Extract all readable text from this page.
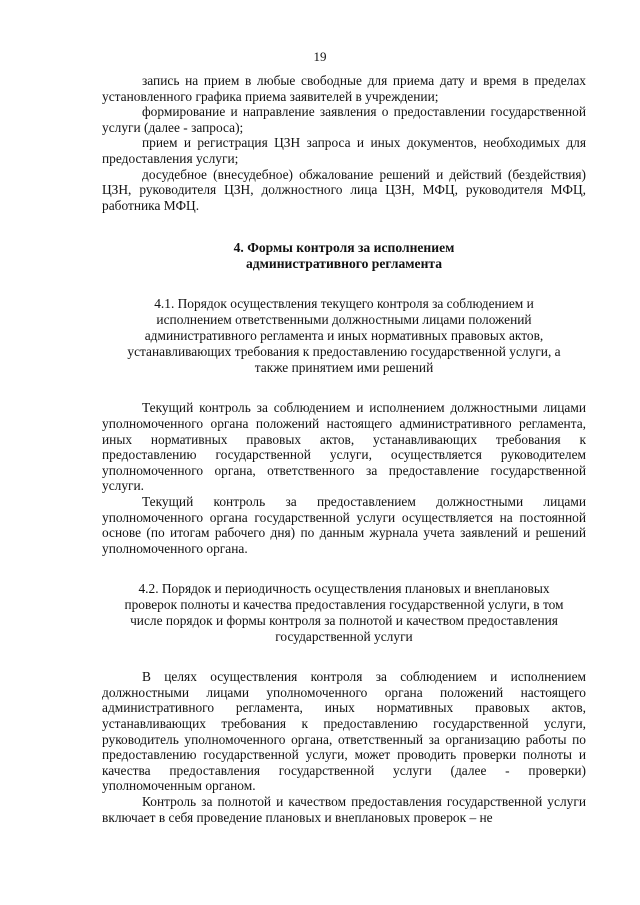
19

запись на прием в любые свободные для приема дату и время в пределах установленного графика приема заявителей в учреждении;

формирование и направление заявления о предоставлении государственной услуги (далее - запроса);

прием и регистрация ЦЗН запроса и иных документов, необходимых для предоставления услуги;

досудебное (внесудебное) обжалование решений и действий (бездействия) ЦЗН, руководителя ЦЗН, должностного лица ЦЗН, МФЦ, руководителя МФЦ, работника МФЦ.

4. Формы контроля за исполнением
административного регламента
4.1. Порядок осуществления текущего контроля за соблюдением и
исполнением ответственными должностными лицами положений
административного регламента и иных нормативных правовых актов,
устанавливающих требования к предоставлению государственной услуги, а
также принятием ими решений

Текущий контроль за соблюдением и исполнением должностными лицами уполномоченного органа положений настоящего административного регламента, иных нормативных правовых актов, устанавливающих требования к предоставлению государственной услуги, осуществляется руководителем уполномоченного органа, ответственного за предоставление государственной услуги.

Текущий контроль за предоставлением должностными лицами уполномоченного органа государственной услуги осуществляется на постоянной основе (по итогам рабочего дня) по данным журнала учета заявлений и решений уполномоченного органа.

4.2. Порядок и периодичность осуществления плановых и внеплановых
проверок полноты и качества предоставления государственной услуги, в том
числе порядок и формы контроля за полнотой и качеством предоставления
государственной услуги

В целях осуществления контроля за соблюдением и исполнением должностными лицами уполномоченного органа положений настоящего административного регламента, иных нормативных правовых актов, устанавливающих требования к предоставлению государственной услуги, руководитель уполномоченного органа, ответственный за организацию работы по предоставлению государственной услуги, может проводить проверки полноты и качества предоставления государственной услуги (далее - проверки) уполномоченным органом.

Контроль за полнотой и качеством предоставления государственной услуги включает в себя проведение плановых и внеплановых проверок – не
